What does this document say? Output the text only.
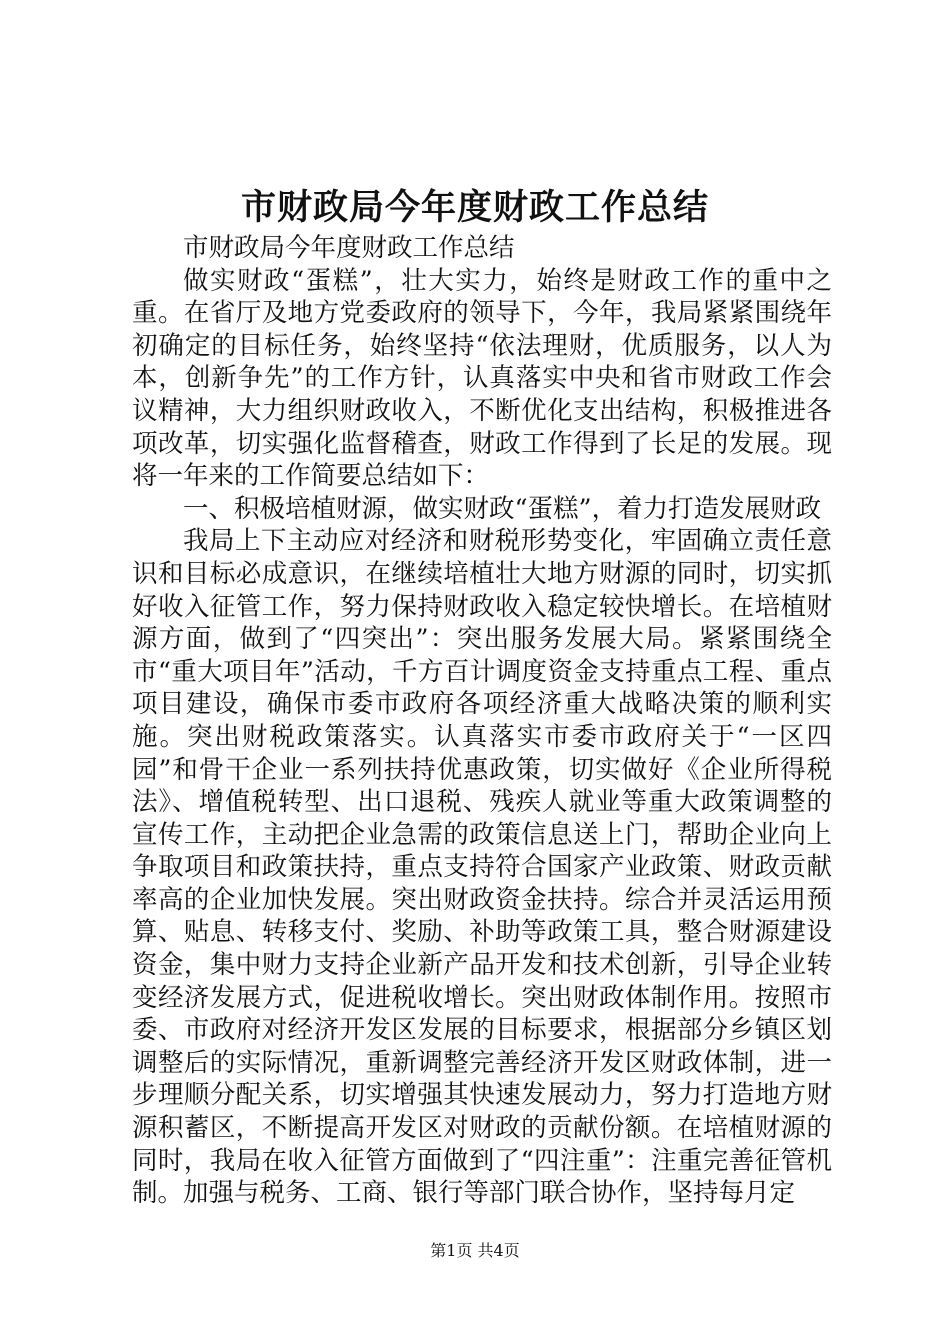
市财政局今年度财政工作总结

市财政局今年度财政工作总结

做实财政“蛋糕”，壮大实力，始终是财政工作的重中之重。在省厅及地方党委政府的领导下，今年，我局紧紧围绕年初确定的目标任务，始终坚持“依法理财，优质服务，以人为本，创新争先”的工作方针，认真落实中央和省市财政工作会议精神，大力组织财政收入，不断优化支出结构，积极推进各项改革，切实强化监督稽查，财政工作得到了长足的发展。现将一年来的工作简要总结如下：

一、积极培植财源，做实财政“蛋糕”，着力打造发展财政

我局上下主动应对经济和财税形势变化，牢固确立责任意识和目标必成意识，在继续培植壮大地方财源的同时，切实抓好收入征管工作，努力保持财政收入稳定较快增长。在培植财源方面，做到了“四突出”：突出服务发展大局。紧紧围绕全市“重大项目年”活动，千方百计调度资金支持重点工程、重点项目建设，确保市委市政府各项经济重大战略决策的顺利实施。突出财税政策落实。认真落实市委市政府关于“一区四园”和骨干企业一系列扶持优惠政策，切实做好《企业所得税法》、增值税转型、出口退税、残疾人就业等重大政策调整的宣传工作，主动把企业急需的政策信息送上门，帮助企业向上争取项目和政策扶持，重点支持符合国家产业政策、财政贡献率高的企业加快发展。突出财政资金扶持。综合并灵活运用预算、贴息、转移支付、奖励、补助等政策工具，整合财源建设资金，集中财力支持企业新产品开发和技术创新，引导企业转变经济发展方式，促进税收增长。突出财政体制作用。按照市委、市政府对经济开发区发展的目标要求，根据部分乡镇区划调整后的实际情况，重新调整完善经济开发区财政体制，进一步理顺分配关系，切实增强其快速发展动力，努力打造地方财源积蓄区，不断提高开发区对财政的贡献份额。在培植财源的同时，我局在收入征管方面做到了“四注重”：注重完善征管机制。加强与税务、工商、银行等部门联合协作，坚持每月定

第1页 共4页
